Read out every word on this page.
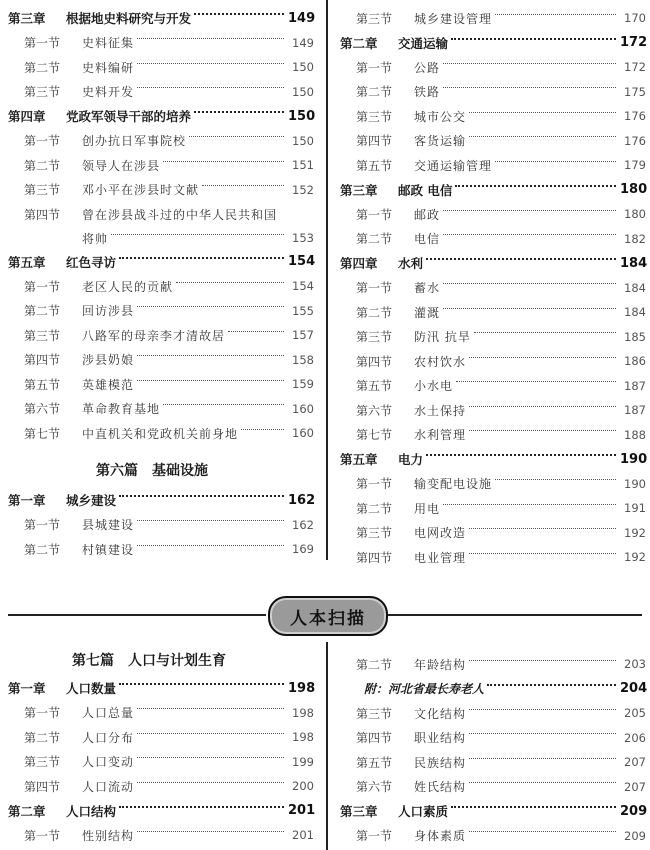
第三章	根据地史料研究与开发	149
第一节	史料征集	149
第二节	史料编研	150
第三节	史料开发	150
第四章	党政军领导干部的培养	150
第一节	创办抗日军事院校	150
第二节	领导人在涉县	151
第三节	邓小平在涉县时文献	152
第四节	曾在涉县战斗过的中华人民共和国
将帅	153
第五章	红色寻访	154
第一节	老区人民的贡献	154
第二节	回访涉县	155
第三节	八路军的母亲李才清故居	157
第四节	涉县奶娘	158
第五节	英雄模范	159
第六节	革命教育基地	160
第七节	中直机关和党政机关前身地	160
第六篇 基础设施
第一章	城乡建设	162
第一节	县城建设	162
第二节	村镇建设	169
第三节	城乡建设管理	170
第二章	交通运输	172
第一节	公路	172
第二节	铁路	175
第三节	城市公交	176
第四节	客货运输	176
第五节	交通运输管理	179
第三章	邮政 电信	180
第一节	邮政	180
第二节	电信	182
第四章	水利	184
第一节	蓄水	184
第二节	灌溉	184
第三节	防汛 抗旱	185
第四节	农村饮水	186
第五节	小水电	187
第六节	水土保持	187
第七节	水利管理	188
第五章	电力	190
第一节	输变配电设施	190
第二节	用电	191
第三节	电网改造	192
第四节	电业管理	192
人本扫描
第七篇 人口与计划生育
第一章	人口数量	198
第一节	人口总量	198
第二节	人口分布	198
第三节	人口变动	199
第四节	人口流动	200
第二章	人口结构	201
第一节	性别结构	201
第二节	年龄结构	203
附：河北省最长寿老人	204
第三节	文化结构	205
第四节	职业结构	206
第五节	民族结构	207
第六节	姓氏结构	207
第三章	人口素质	209
第一节	身体素质	209
